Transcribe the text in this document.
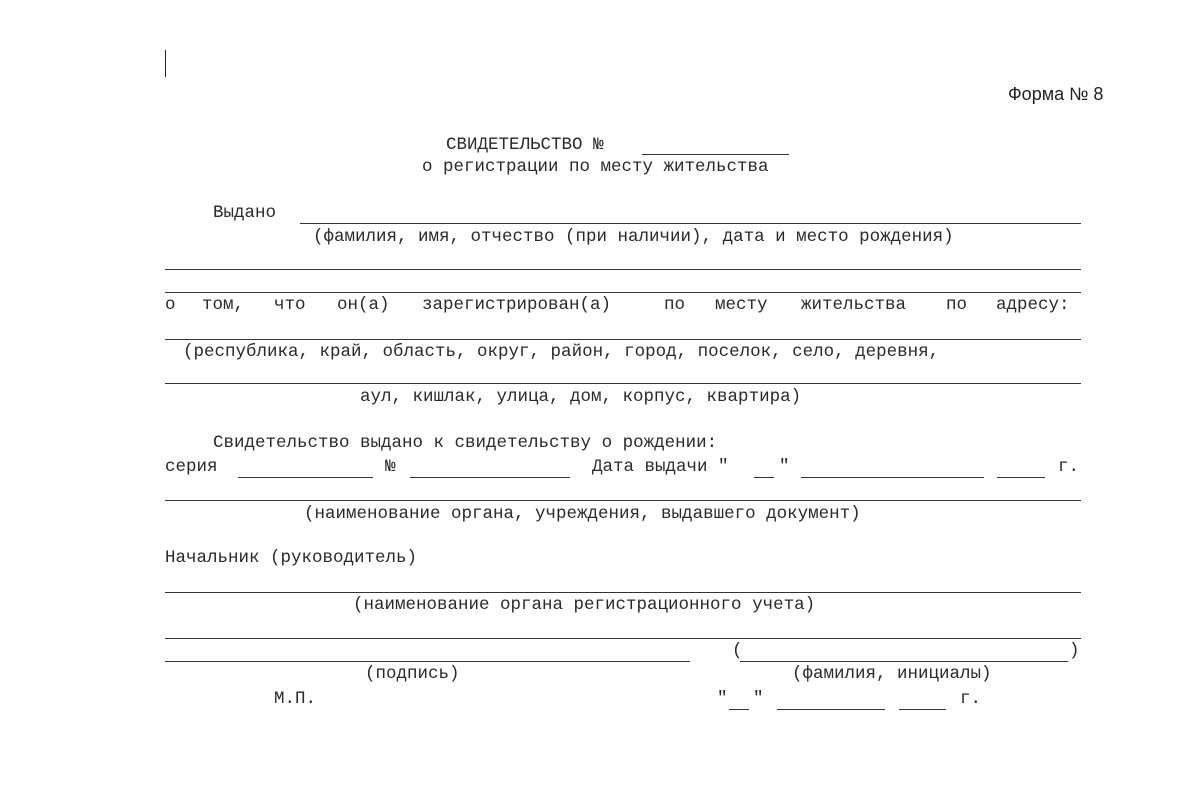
Форма № 8
СВИДЕТЕЛЬСТВО №
о регистрации по месту жительства
Выдано
(фамилия, имя, отчество (при наличии), дата и место рождения)
о том, что он(а) зарегистрирован(а)	по месту жительства по адресу:
(республика, край, область, округ, район, город, поселок, село, деревня,
аул, кишлак, улица, дом, корпус, квартира)
Свидетельство выдано к свидетельству о рождении:
серия	№	Дата выдачи "	"	г.
(наименование органа, учреждения, выдавшего документ)
Начальник (руководитель)
(наименование органа регистрационного учета)
(	)
(подпись)	(фамилия, инициалы)
М.П.	" "	г.
